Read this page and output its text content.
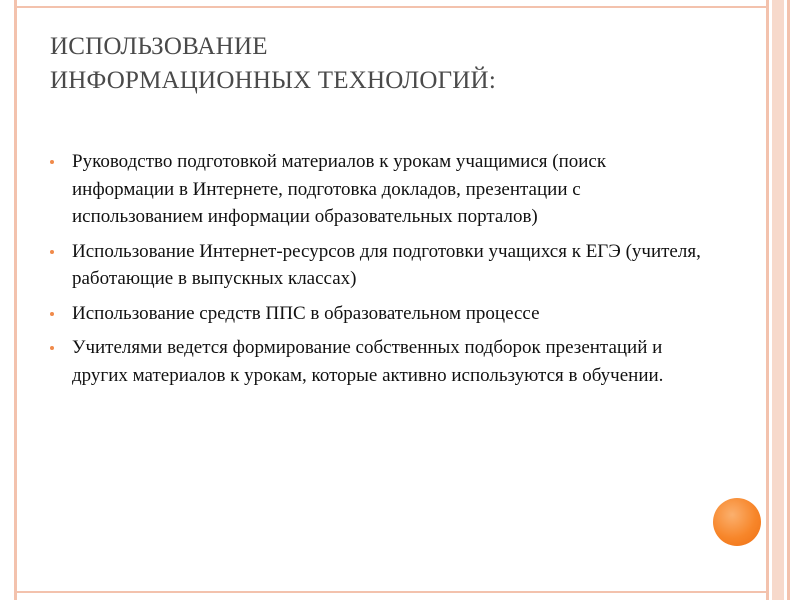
ИСПОЛЬЗОВАНИЕ
ИНФОРМАЦИОННЫХ ТЕХНОЛОГИЙ:
Руководство подготовкой материалов к урокам учащимися (поиск информации в Интернете, подготовка докладов, презентации с использованием информации образовательных порталов)
Использование Интернет-ресурсов для подготовки учащихся к ЕГЭ (учителя, работающие в выпускных классах)
Использование средств ППС в образовательном процессе
Учителями ведется формирование собственных подборок презентаций и других материалов к урокам, которые активно используются в обучении.
